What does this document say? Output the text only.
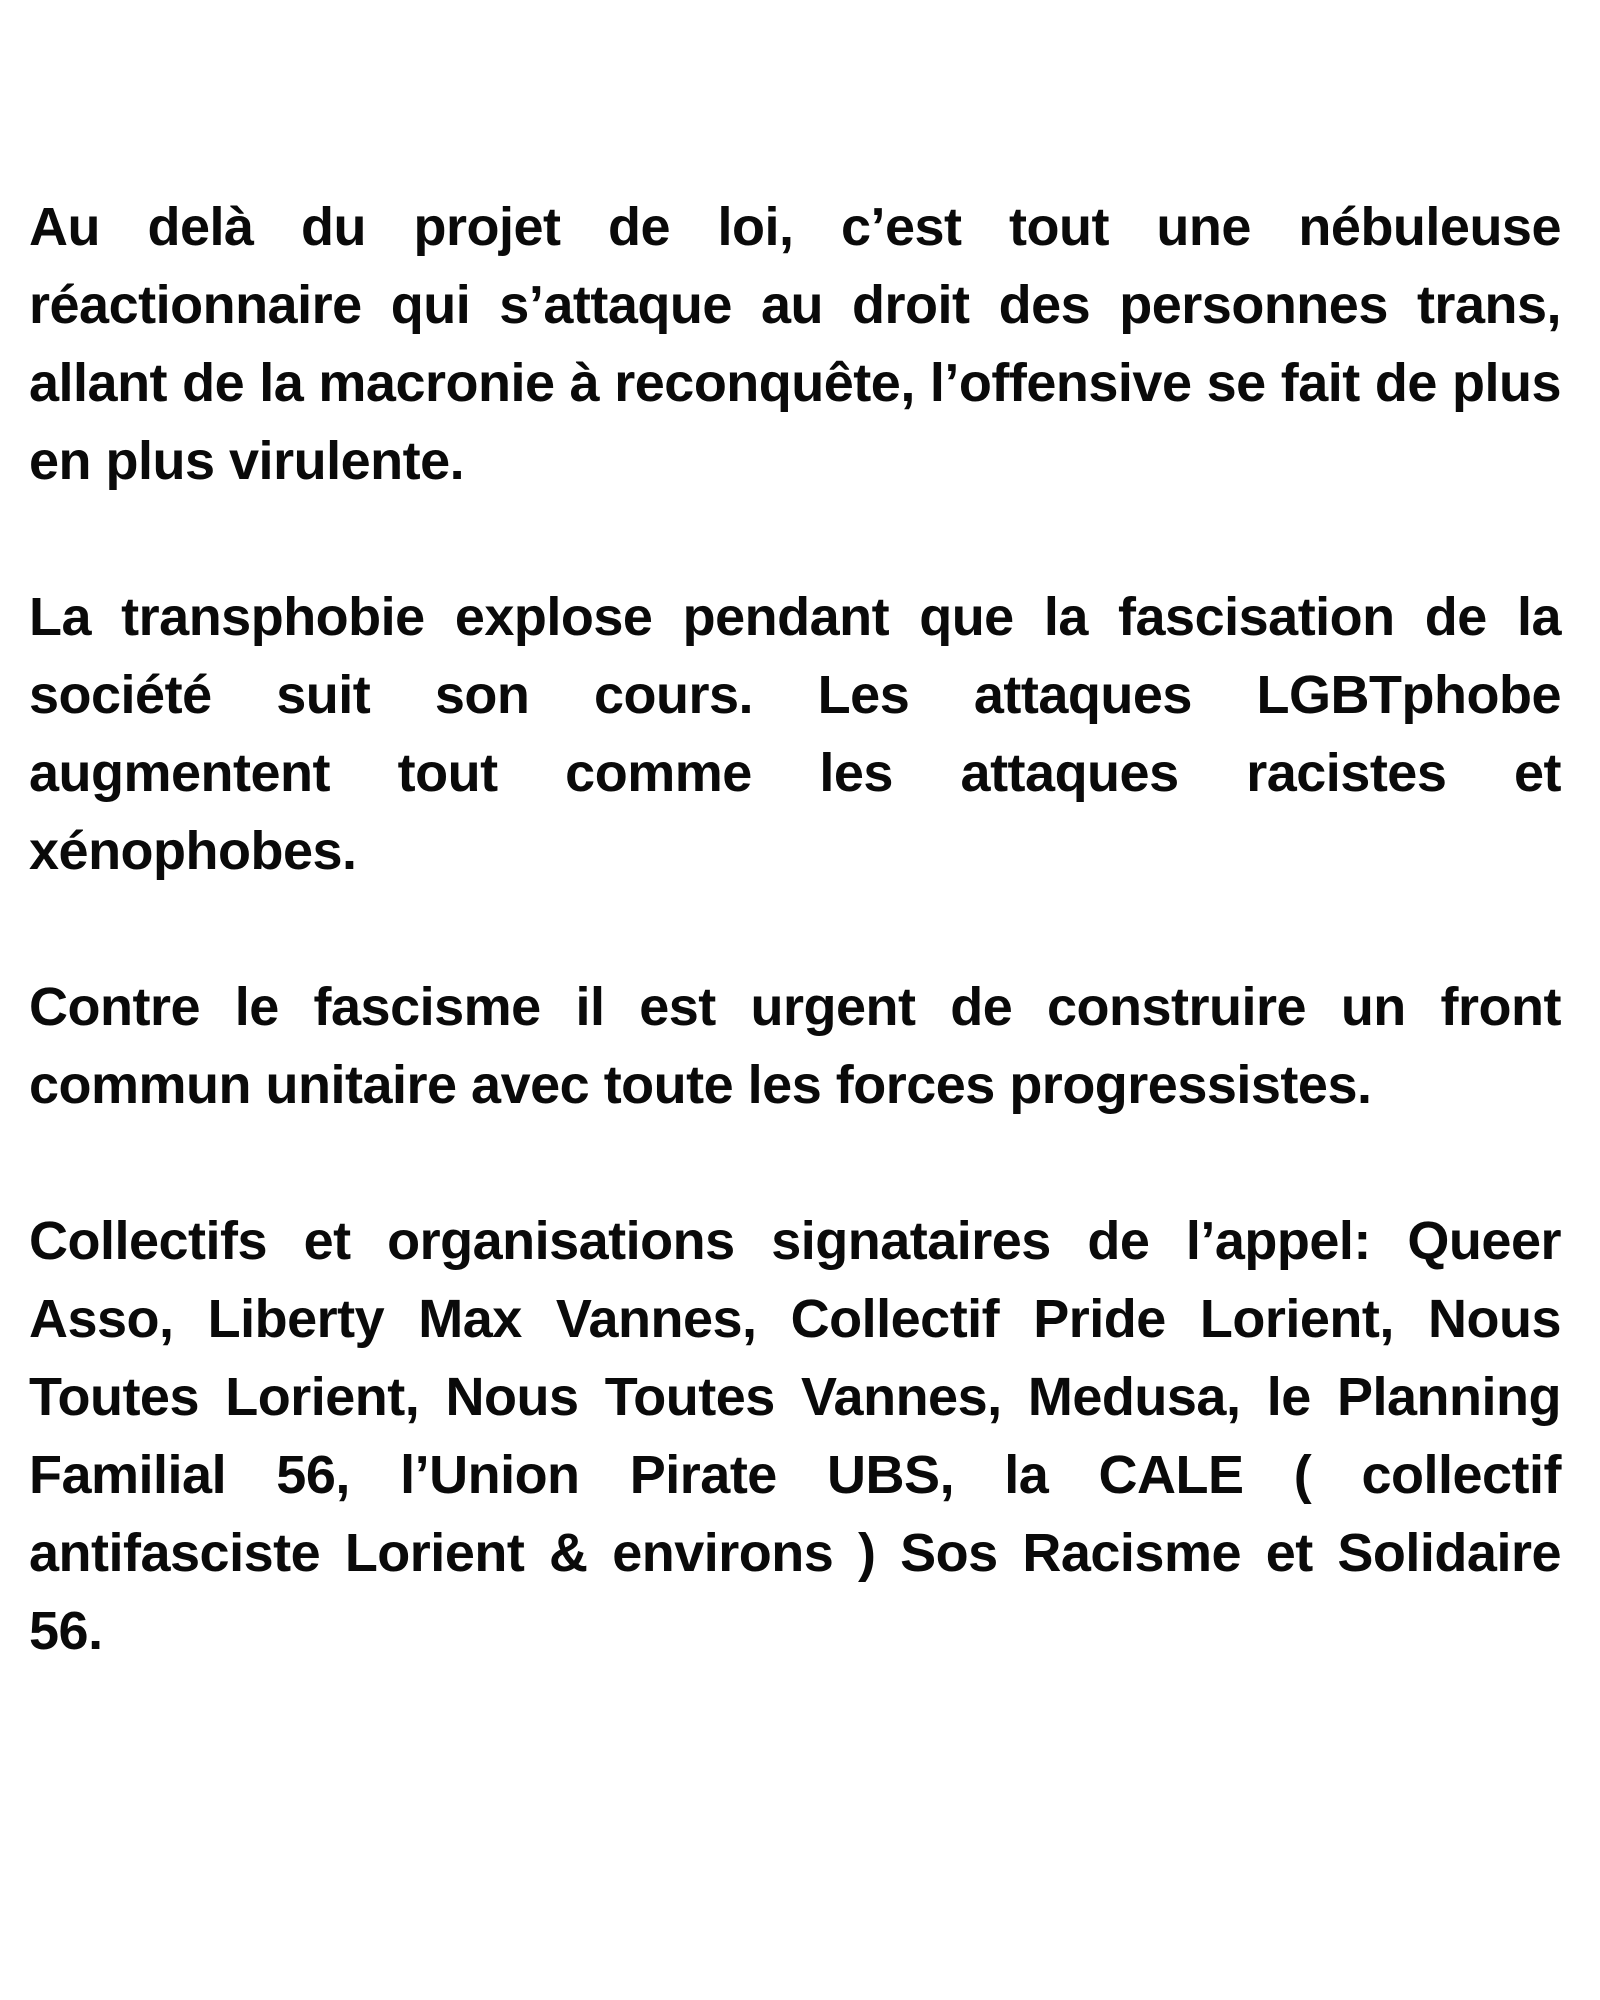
Au delà du projet de loi, c’est tout une nébuleuse réactionnaire qui s’attaque au droit des personnes trans, allant de la macronie à reconquête, l’offensive se fait de plus en plus virulente.

La transphobie explose pendant que la fascisation de la société suit son cours. Les attaques LGBTphobe augmentent tout comme les attaques racistes et xénophobes.

Contre le fascisme il est urgent de construire un front commun unitaire avec toute les forces progressistes.

Collectifs et organisations signataires de l’appel: Queer Asso, Liberty Max Vannes, Collectif Pride Lorient, Nous Toutes Lorient, Nous Toutes Vannes, Medusa, le Planning Familial 56, l’Union Pirate UBS, la CALE ( collectif antifasciste Lorient & environs ) Sos Racisme et Solidaire 56.
